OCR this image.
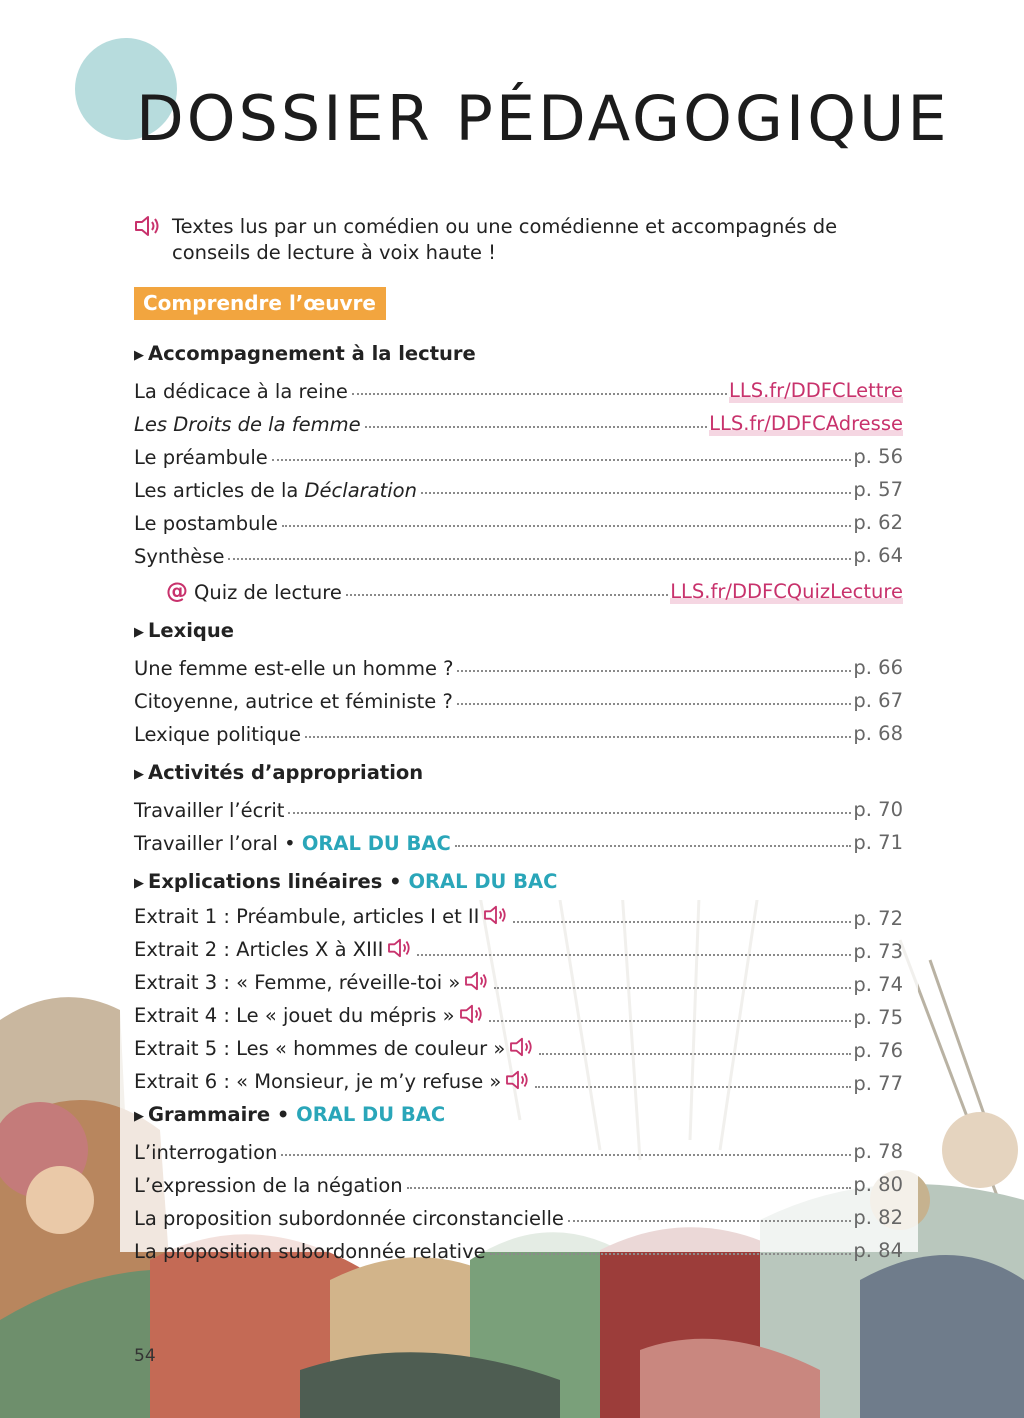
DOSSIER PÉDAGOGIQUE
Textes lus par un comédien ou une comédienne et accompagnés de conseils de lecture à voix haute !
Comprendre l’œuvre
▶ Accompagnement à la lecture
La dédicace à la reine	LLS.fr/DDFCLettre
Les Droits de la femme	LLS.fr/DDFCAdresse
Le préambule	p. 56
Les articles de la Déclaration	p. 57
Le postambule	p. 62
Synthèse	p. 64
@ Quiz de lecture	LLS.fr/DDFCQuizLecture
▶ Lexique
Une femme est-elle un homme ?	p. 66
Citoyenne, autrice et féministe ?	p. 67
Lexique politique	p. 68
▶ Activités d’appropriation
Travailler l’écrit	p. 70
Travailler l’oral • ORAL DU BAC	p. 71
▶ Explications linéaires • ORAL DU BAC
Extrait 1 : Préambule, articles I et II	p. 72
Extrait 2 : Articles X à XIII	p. 73
Extrait 3 : « Femme, réveille-toi »	p. 74
Extrait 4 : Le « jouet du mépris »	p. 75
Extrait 5 : Les « hommes de couleur »	p. 76
Extrait 6 : « Monsieur, je m’y refuse »	p. 77
▶ Grammaire • ORAL DU BAC
L’interrogation	p. 78
L’expression de la négation	p. 80
La proposition subordonnée circonstancielle	p. 82
La proposition subordonnée relative	p. 84
54
